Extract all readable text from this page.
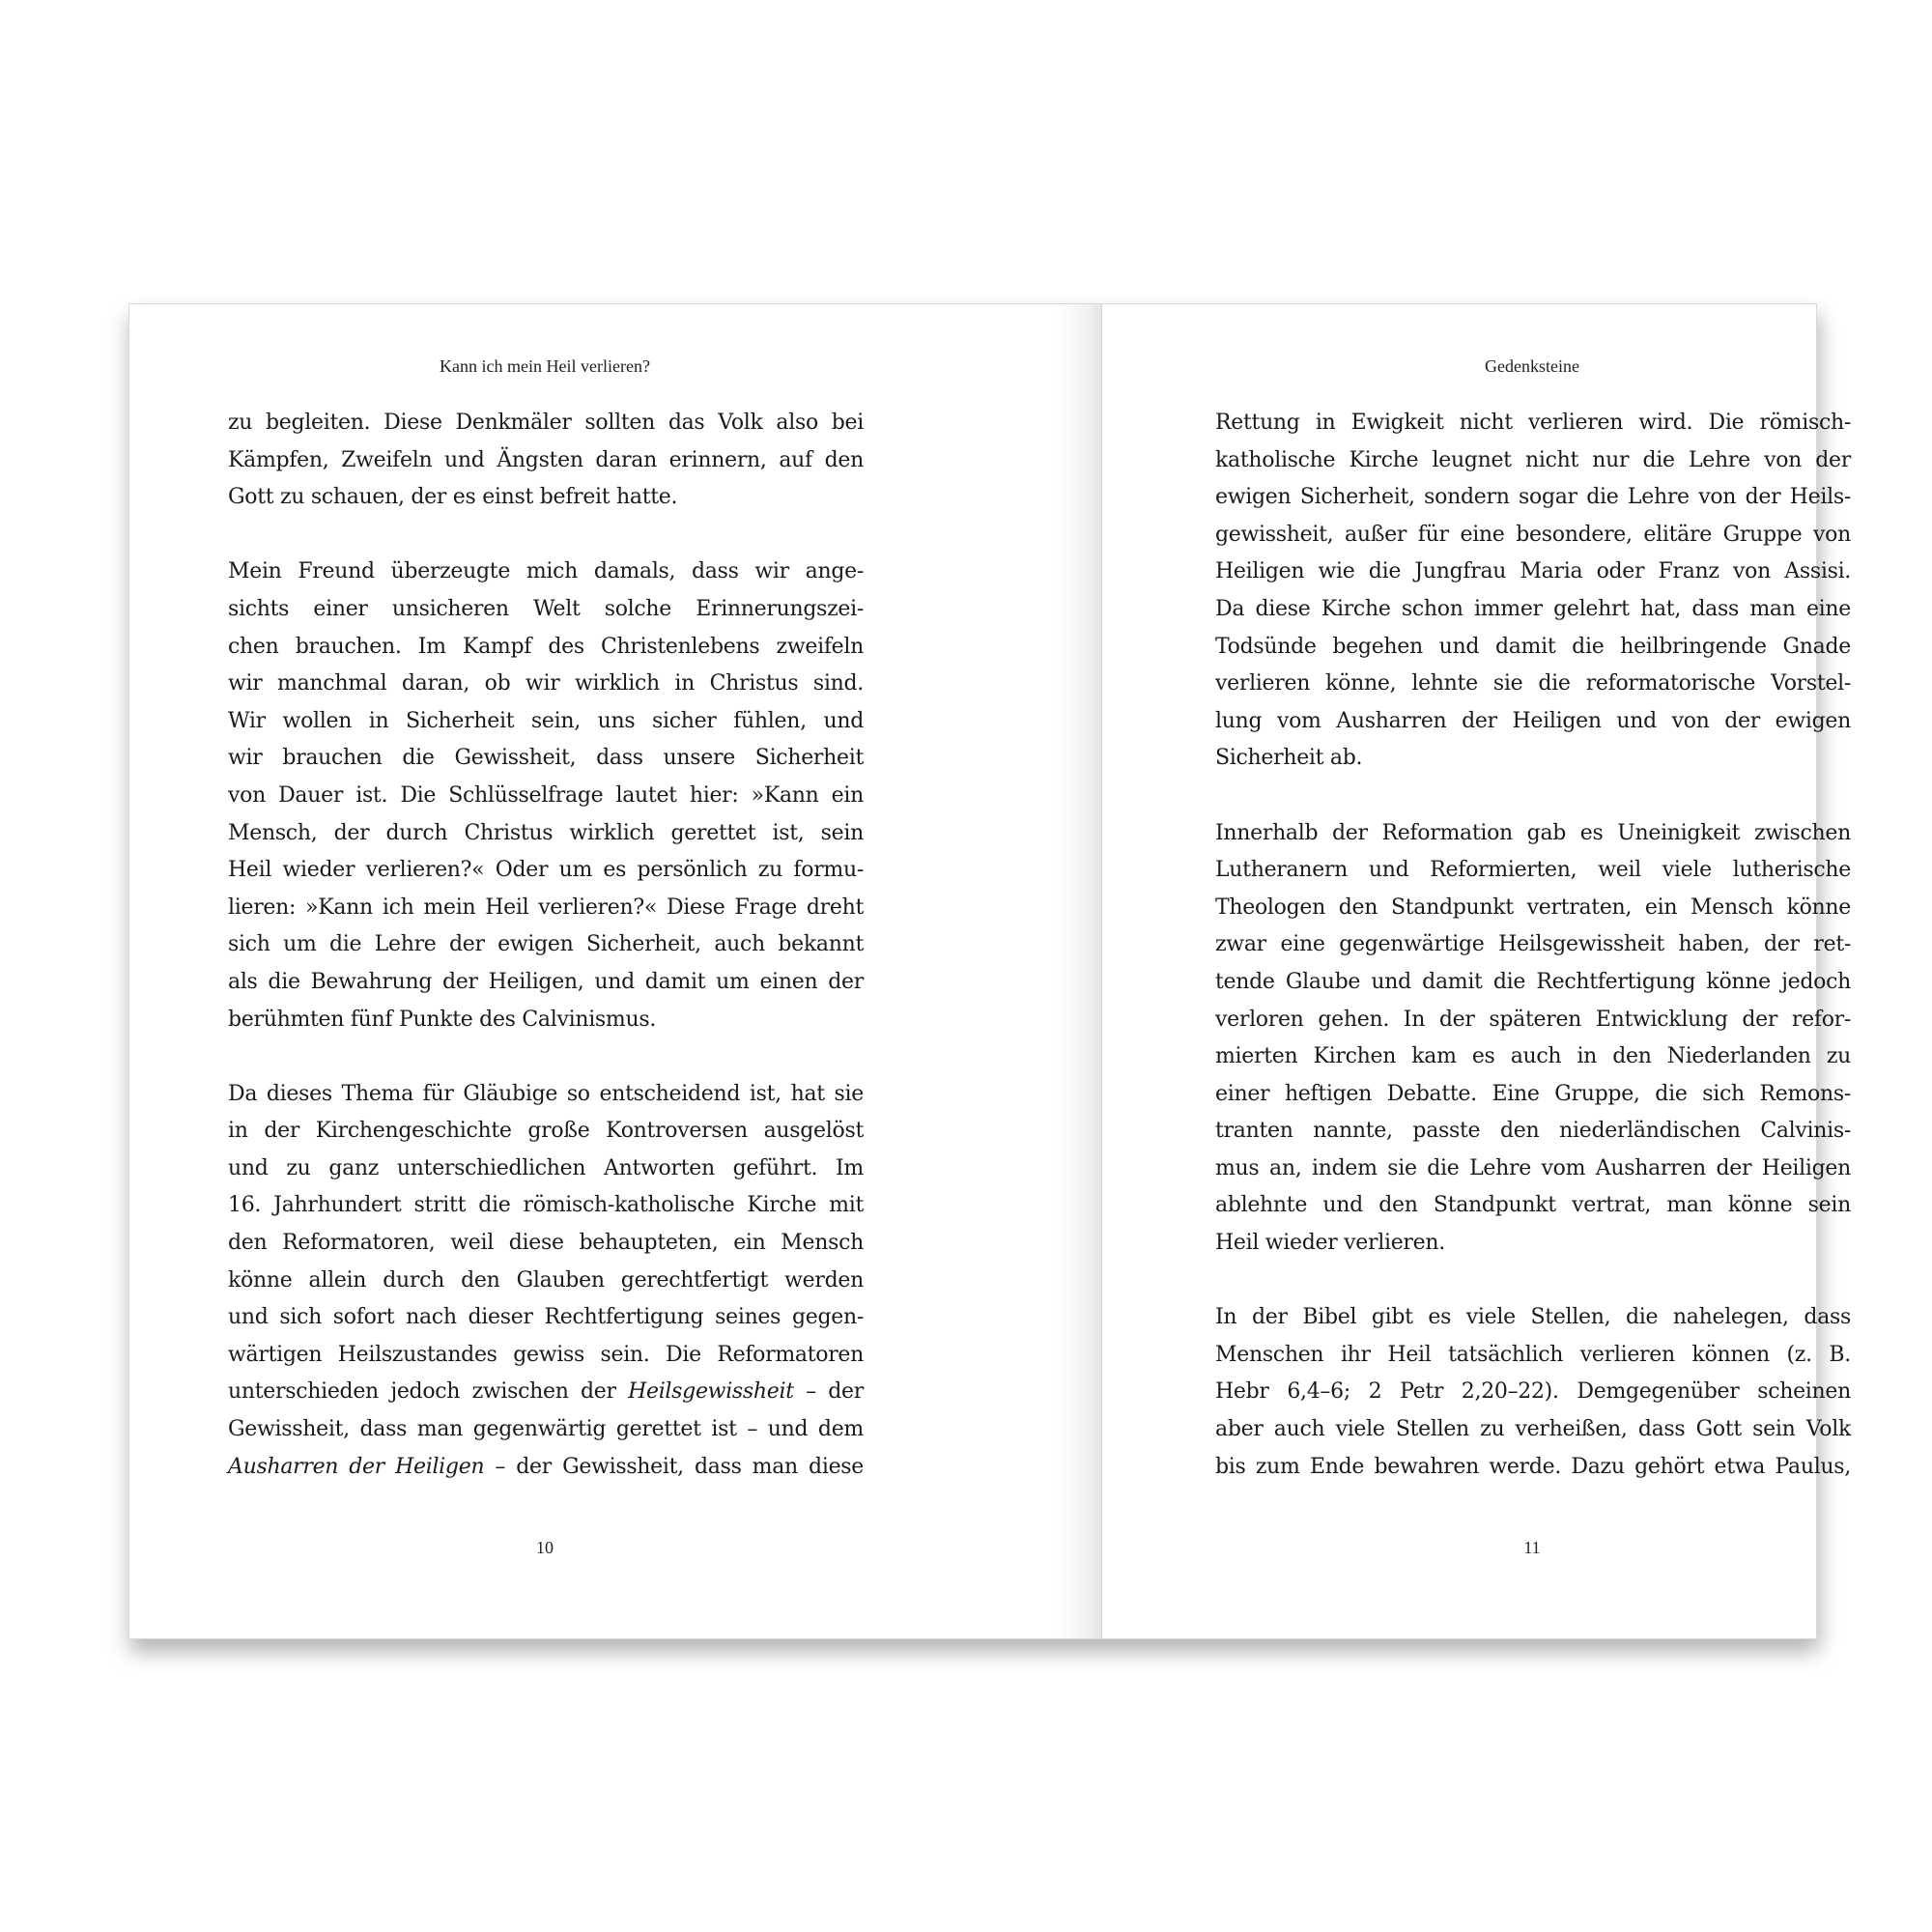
Kann ich mein Heil verlieren?
zu begleiten. Diese Denkmäler sollten das Volk also bei
Kämpfen, Zweifeln und Ängsten daran erinnern, auf den
Gott zu schauen, der es einst befreit hatte.
Mein Freund überzeugte mich damals, dass wir ange-
sichts einer unsicheren Welt solche Erinnerungszei-
chen brauchen. Im Kampf des Christenlebens zweifeln
wir manchmal daran, ob wir wirklich in Christus sind.
Wir wollen in Sicherheit sein, uns sicher fühlen, und
wir brauchen die Gewissheit, dass unsere Sicherheit
von Dauer ist. Die Schlüsselfrage lautet hier: »Kann ein
Mensch, der durch Christus wirklich gerettet ist, sein
Heil wieder verlieren?« Oder um es persönlich zu formu-
lieren: »Kann ich mein Heil verlieren?« Diese Frage dreht
sich um die Lehre der ewigen Sicherheit, auch bekannt
als die Bewahrung der Heiligen, und damit um einen der
berühmten fünf Punkte des Calvinismus.
Da dieses Thema für Gläubige so entscheidend ist, hat sie
in der Kirchengeschichte große Kontroversen ausgelöst
und zu ganz unterschiedlichen Antworten geführt. Im
16. Jahrhundert stritt die römisch-katholische Kirche mit
den Reformatoren, weil diese behaupteten, ein Mensch
könne allein durch den Glauben gerechtfertigt werden
und sich sofort nach dieser Rechtfertigung seines gegen-
wärtigen Heilszustandes gewiss sein. Die Reformatoren
unterschieden jedoch zwischen der Heilsgewissheit – der
Gewissheit, dass man gegenwärtig gerettet ist – und dem
Ausharren der Heiligen – der Gewissheit, dass man diese
10
Gedenksteine
Rettung in Ewigkeit nicht verlieren wird. Die römisch-
katholische Kirche leugnet nicht nur die Lehre von der
ewigen Sicherheit, sondern sogar die Lehre von der Heils-
gewissheit, außer für eine besondere, elitäre Gruppe von
Heiligen wie die Jungfrau Maria oder Franz von Assisi.
Da diese Kirche schon immer gelehrt hat, dass man eine
Todsünde begehen und damit die heilbringende Gnade
verlieren könne, lehnte sie die reformatorische Vorstel-
lung vom Ausharren der Heiligen und von der ewigen
Sicherheit ab.
Innerhalb der Reformation gab es Uneinigkeit zwischen
Lutheranern und Reformierten, weil viele lutherische
Theologen den Standpunkt vertraten, ein Mensch könne
zwar eine gegenwärtige Heilsgewissheit haben, der ret-
tende Glaube und damit die Rechtfertigung könne jedoch
verloren gehen. In der späteren Entwicklung der refor-
mierten Kirchen kam es auch in den Niederlanden zu
einer heftigen Debatte. Eine Gruppe, die sich Remons-
tranten nannte, passte den niederländischen Calvinis-
mus an, indem sie die Lehre vom Ausharren der Heiligen
ablehnte und den Standpunkt vertrat, man könne sein
Heil wieder verlieren.
In der Bibel gibt es viele Stellen, die nahelegen, dass
Menschen ihr Heil tatsächlich verlieren können (z. B.
Hebr 6,4–6; 2 Petr 2,20–22). Demgegenüber scheinen
aber auch viele Stellen zu verheißen, dass Gott sein Volk
bis zum Ende bewahren werde. Dazu gehört etwa Paulus,
11
